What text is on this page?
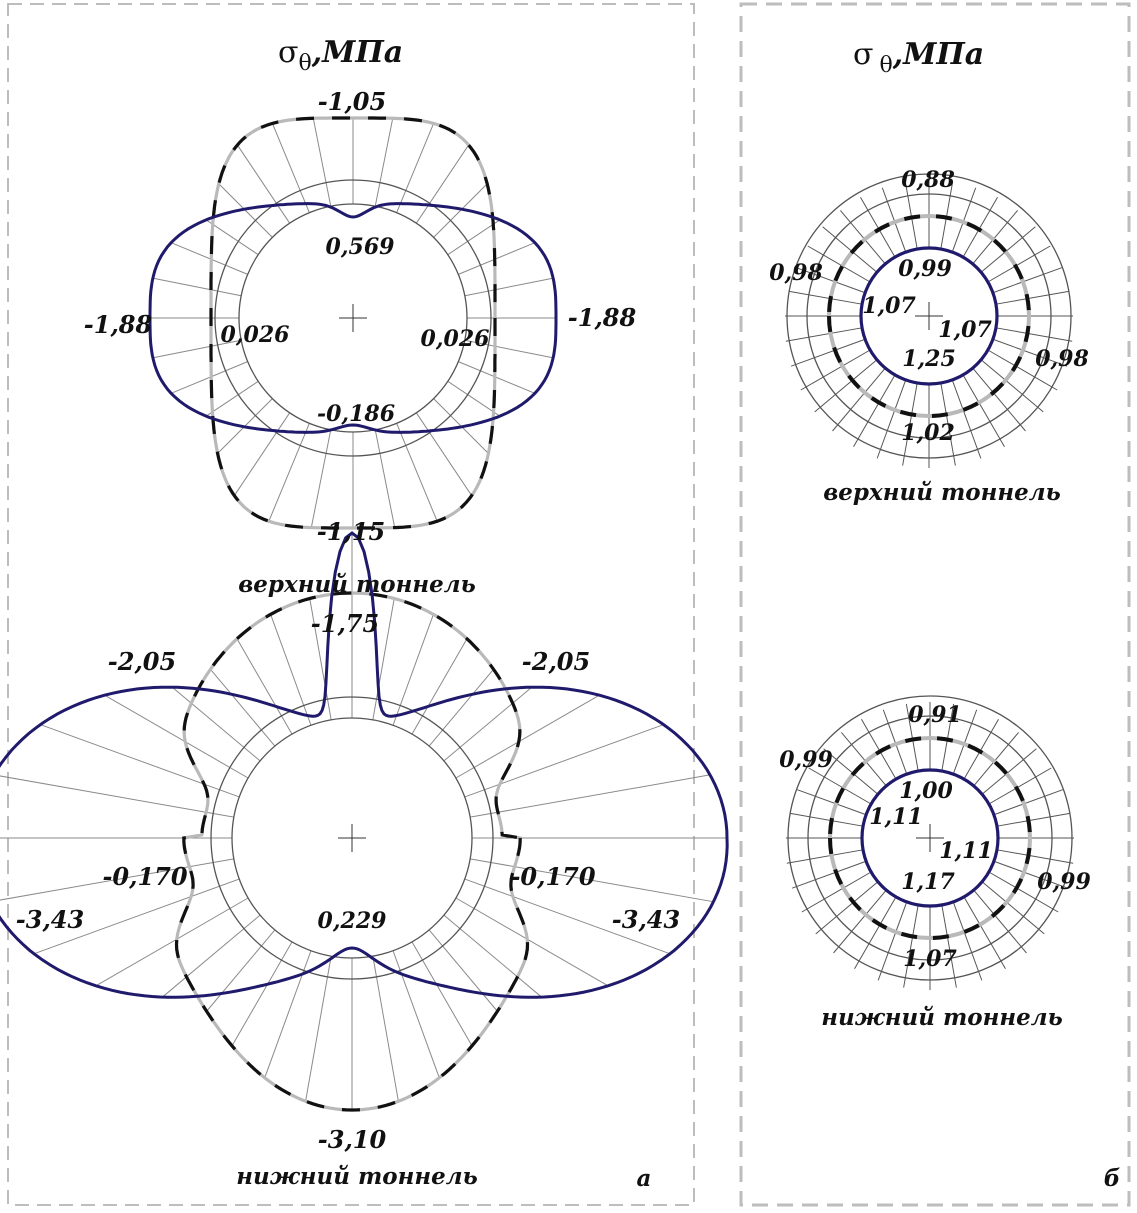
$\sigma_\theta,МПа$
-1,05
0,569
-1,88	-1,88
0,026	0,026
-0,186
-1,15
верхний тоннель
-1,75
-2,05	-2,05
-0,170	-0,170
-3,43	-3,43
0,229
-3,10
нижний тоннель	а
σ $_\theta$,МПа
0,88
0,98	0,99
1,07
1,07
1,25	0,98
1,02
верхний тоннель
0,91
0,99
1,00
1,11
1,11
1,17	0,99
1,07
нижний тоннель
б
